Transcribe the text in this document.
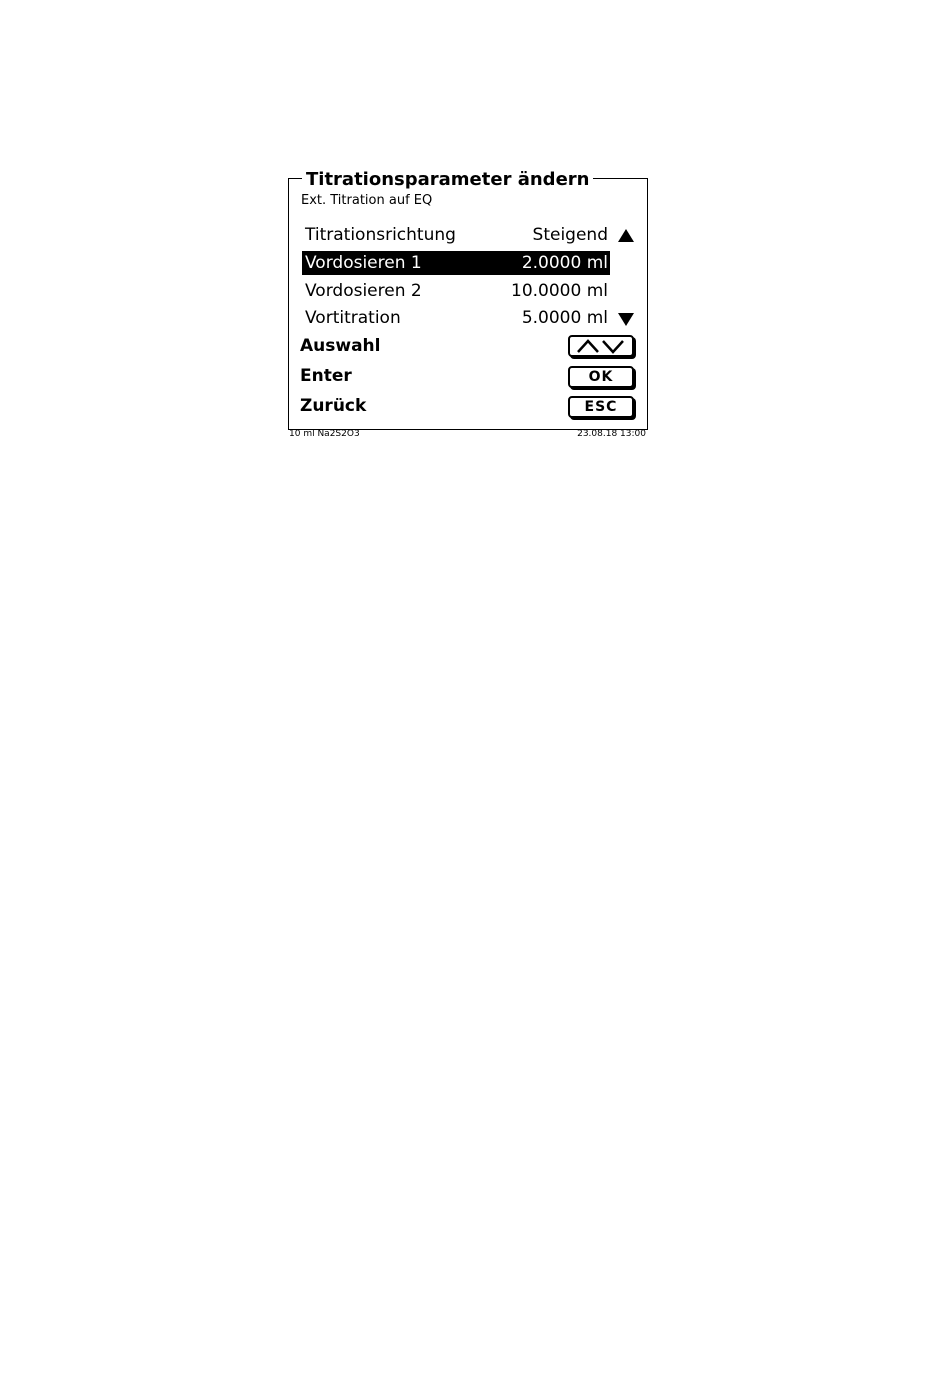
Titrationsparameter ändern
Ext. Titration auf EQ
Titrationsrichtung	Steigend
Vordosieren 1	2.0000 ml
Vordosieren 2	10.0000 ml
Vortitration	5.0000 ml
Auswahl
Enter	OK
Zurück	ESC
10 ml Na2S2O3	23.08.18 13:00
